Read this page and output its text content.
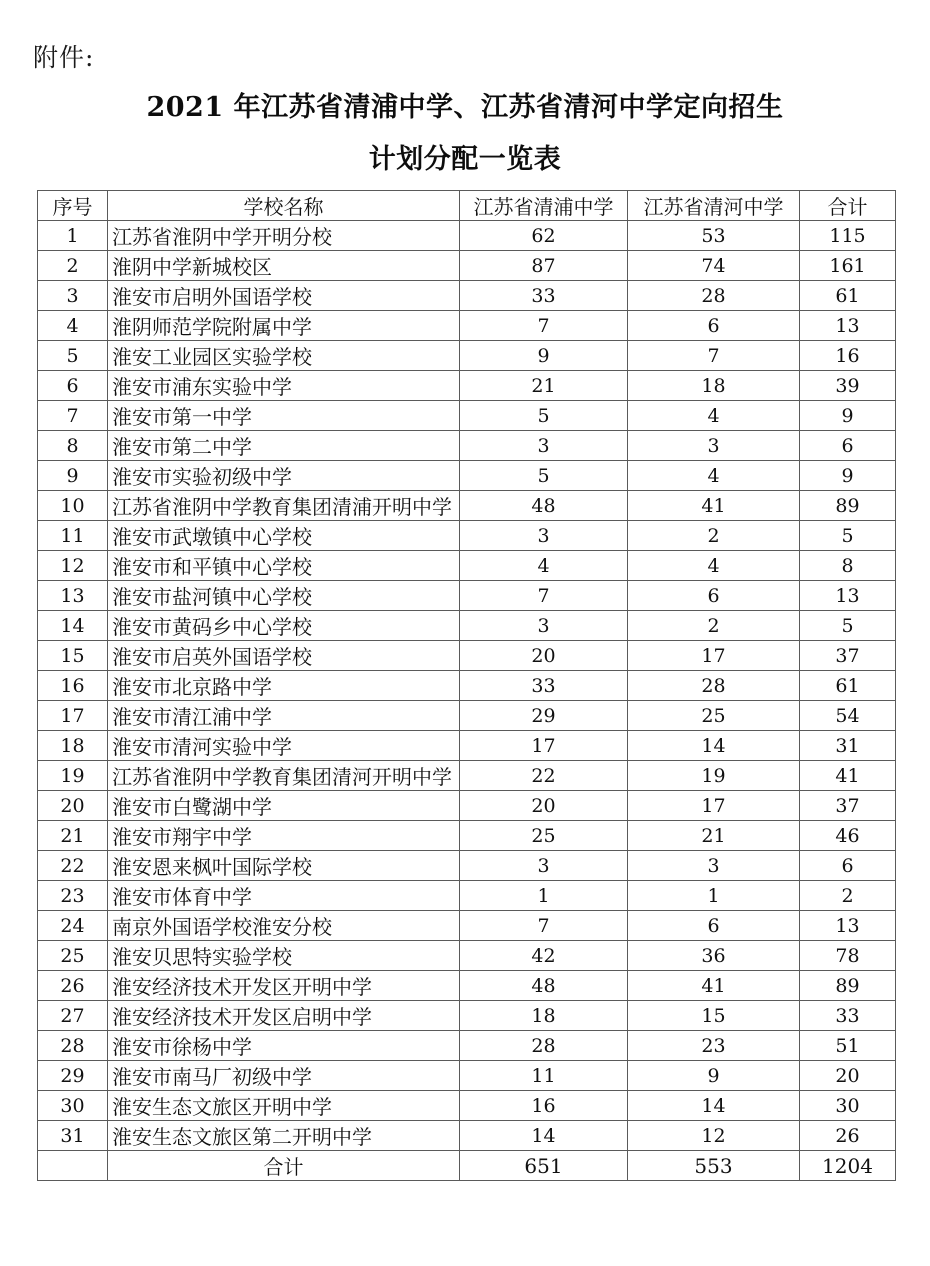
附件:
2021 年江苏省清浦中学、江苏省清河中学定向招生
计划分配一览表
序号	学校名称	江苏省清浦中学	江苏省清河中学	合计
1	江苏省淮阴中学开明分校	62	53	115
2	淮阴中学新城校区	87	74	161
3	淮安市启明外国语学校	33	28	61
4	淮阴师范学院附属中学	7	6	13
5	淮安工业园区实验学校	9	7	16
6	淮安市浦东实验中学	21	18	39
7	淮安市第一中学	5	4	9
8	淮安市第二中学	3	3	6
9	淮安市实验初级中学	5	4	9
10	江苏省淮阴中学教育集团清浦开明中学	48	41	89
11	淮安市武墩镇中心学校	3	2	5
12	淮安市和平镇中心学校	4	4	8
13	淮安市盐河镇中心学校	7	6	13
14	淮安市黄码乡中心学校	3	2	5
15	淮安市启英外国语学校	20	17	37
16	淮安市北京路中学	33	28	61
17	淮安市清江浦中学	29	25	54
18	淮安市清河实验中学	17	14	31
19	江苏省淮阴中学教育集团清河开明中学	22	19	41
20	淮安市白鹭湖中学	20	17	37
21	淮安市翔宇中学	25	21	46
22	淮安恩来枫叶国际学校	3	3	6
23	淮安市体育中学	1	1	2
24	南京外国语学校淮安分校	7	6	13
25	淮安贝思特实验学校	42	36	78
26	淮安经济技术开发区开明中学	48	41	89
27	淮安经济技术开发区启明中学	18	15	33
28	淮安市徐杨中学	28	23	51
29	淮安市南马厂初级中学	11	9	20
30	淮安生态文旅区开明中学	16	14	30
31	淮安生态文旅区第二开明中学	14	12	26
	合计	651	553	1204
